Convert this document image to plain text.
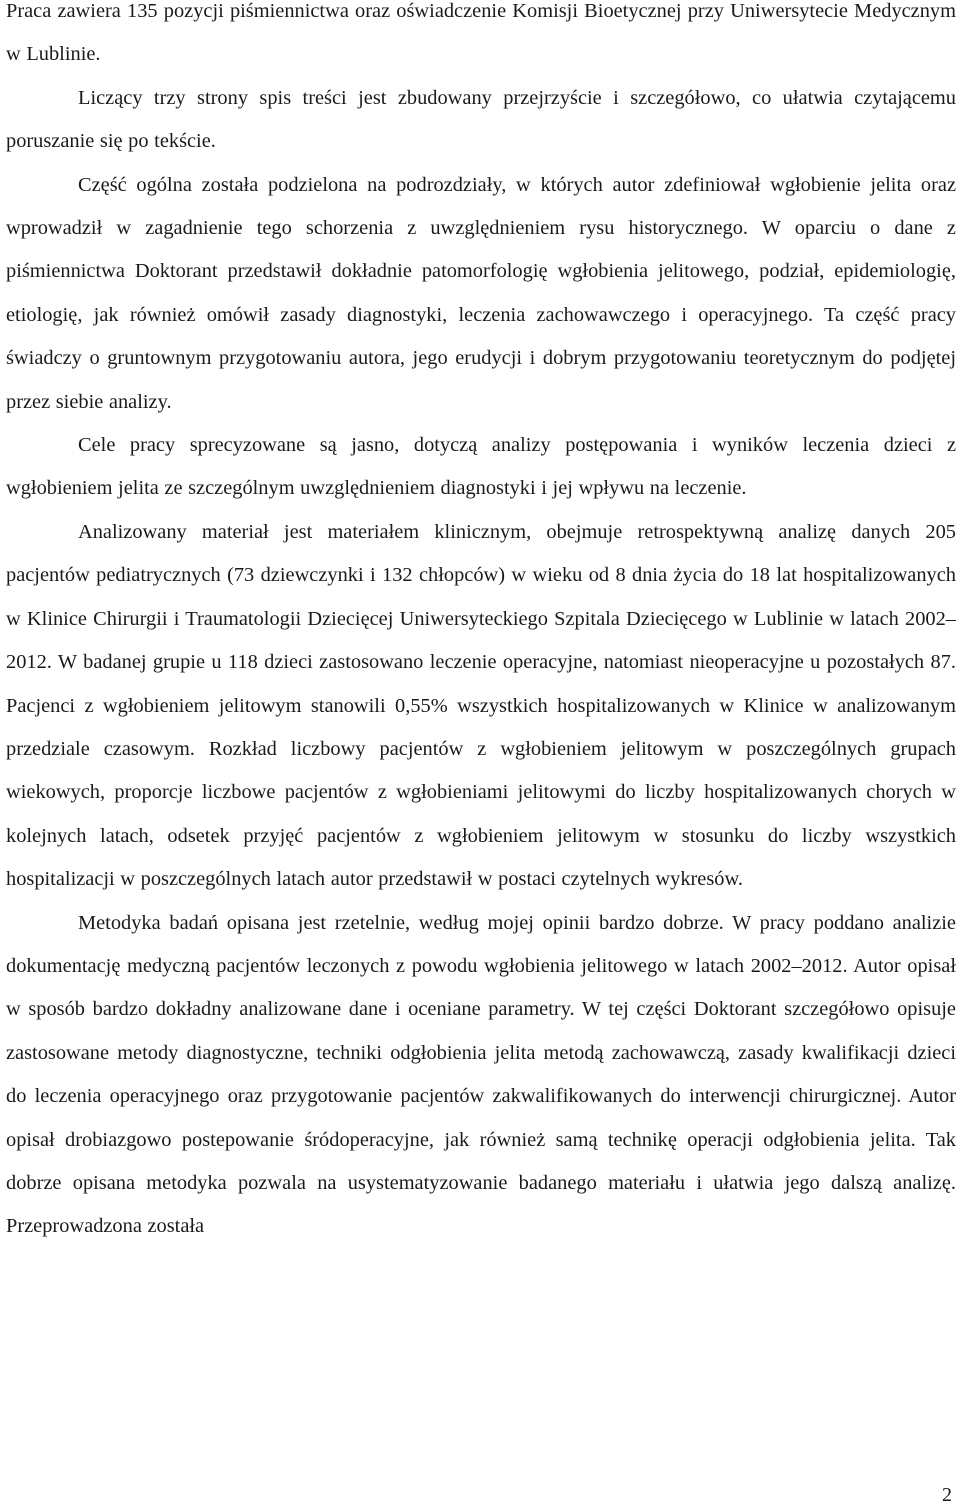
Praca zawiera 135 pozycji piśmiennictwa oraz oświadczenie Komisji Bioetycznej przy Uniwersytecie Medycznym w Lublinie.

Liczący trzy strony spis treści jest zbudowany przejrzyście i szczegółowo, co ułatwia czytającemu poruszanie się po tekście.

Część ogólna została podzielona na podrozdziały, w których autor zdefiniował wgłobienie jelita oraz wprowadził w zagadnienie tego schorzenia z uwzględnieniem rysu historycznego. W oparciu o dane z piśmiennictwa Doktorant przedstawił dokładnie patomorfologię wgłobienia jelitowego, podział, epidemiologię, etiologię, jak również omówił zasady diagnostyki, leczenia zachowawczego i operacyjnego. Ta część pracy świadczy o gruntownym przygotowaniu autora, jego erudycji i dobrym przygotowaniu teoretycznym do podjętej przez siebie analizy.

Cele pracy sprecyzowane są jasno, dotyczą analizy postępowania i wyników leczenia dzieci z wgłobieniem jelita ze szczególnym uwzględnieniem diagnostyki i jej wpływu na leczenie.

Analizowany materiał jest materiałem klinicznym, obejmuje retrospektywną analizę danych 205 pacjentów pediatrycznych (73 dziewczynki i 132 chłopców) w wieku od 8 dnia życia do 18 lat hospitalizowanych w Klinice Chirurgii i Traumatologii Dziecięcej Uniwersyteckiego Szpitala Dziecięcego w Lublinie w latach 2002–2012. W badanej grupie u 118 dzieci zastosowano leczenie operacyjne, natomiast nieoperacyjne u pozostałych 87. Pacjenci z wgłobieniem jelitowym stanowili 0,55% wszystkich hospitalizowanych w Klinice w analizowanym przedziale czasowym. Rozkład liczbowy pacjentów z wgłobieniem jelitowym w poszczególnych grupach wiekowych, proporcje liczbowe pacjentów z wgłobieniami jelitowymi do liczby hospitalizowanych chorych w kolejnych latach, odsetek przyjęć pacjentów z wgłobieniem jelitowym w stosunku do liczby wszystkich hospitalizacji w poszczególnych latach autor przedstawił w postaci czytelnych wykresów.

Metodyka badań opisana jest rzetelnie, według mojej opinii bardzo dobrze. W pracy poddano analizie dokumentację medyczną pacjentów leczonych z powodu wgłobienia jelitowego w latach 2002–2012. Autor opisał w sposób bardzo dokładny analizowane dane i oceniane parametry. W tej części Doktorant szczegółowo opisuje zastosowane metody diagnostyczne, techniki odgłobienia jelita metodą zachowawczą, zasady kwalifikacji dzieci do leczenia operacyjnego oraz przygotowanie pacjentów zakwalifikowanych do interwencji chirurgicznej. Autor opisał drobiazgowo postepowanie śródoperacyjne, jak również samą technikę operacji odgłobienia jelita. Tak dobrze opisana metodyka pozwala na usystematyzowanie badanego materiału i ułatwia jego dalszą analizę. Przeprowadzona została

2
